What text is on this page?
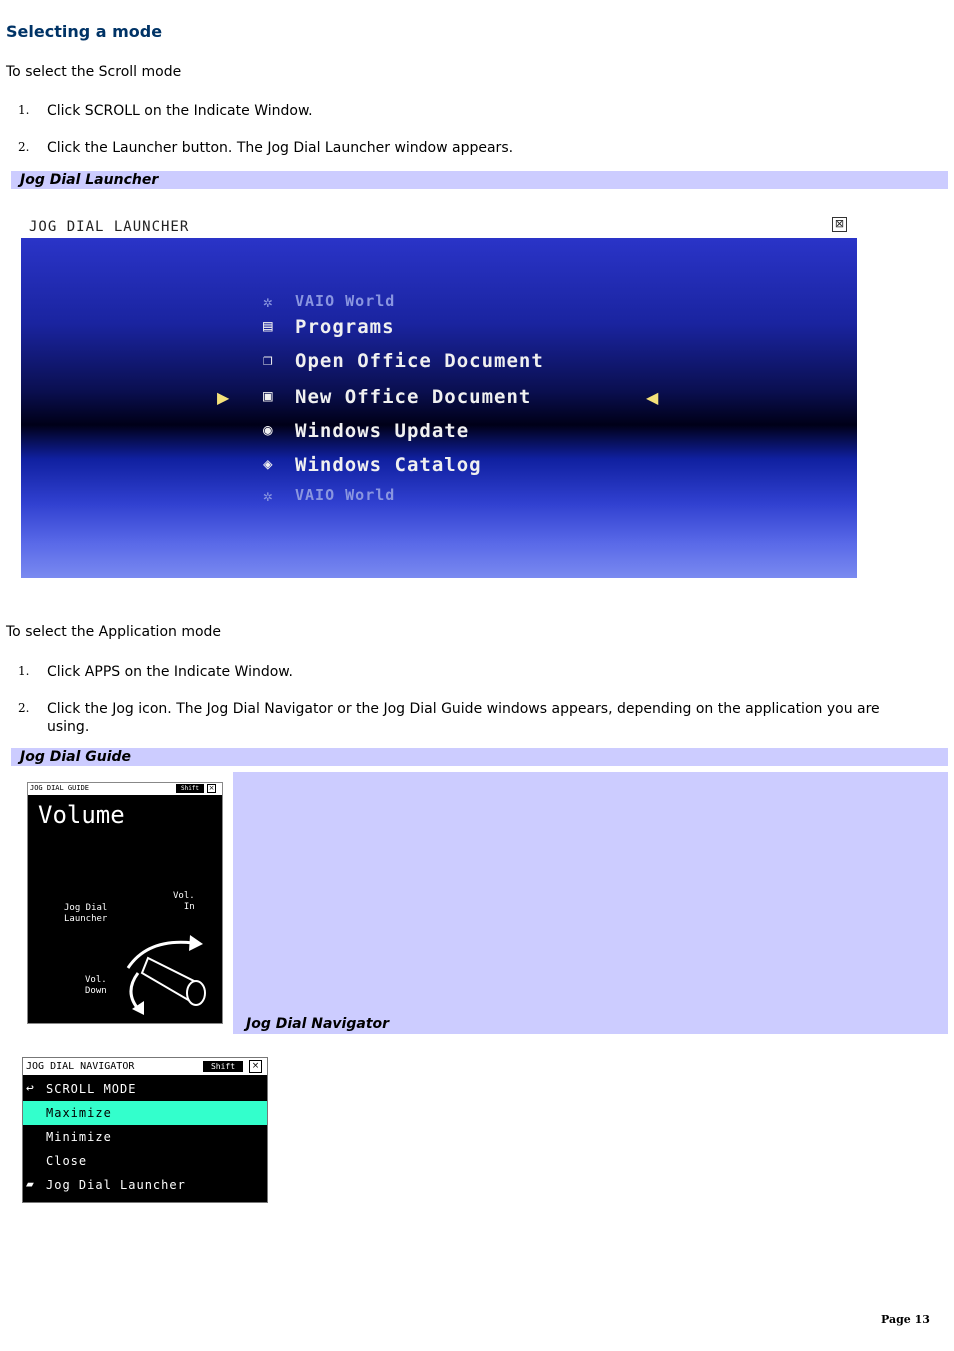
Selecting a mode
To select the Scroll mode
1. Click SCROLL on the Indicate Window.
2. Click the Launcher button. The Jog Dial Launcher window appears.
Jog Dial Launcher
JOG DIAL LAUNCHER	⊠
✲	VAIO World
▤	Programs
❐	Open Office Document
▣	New Office Document
◉	Windows Update
◈	Windows Catalog
✲	VAIO World
▶	◀
To select the Application mode
1. Click APPS on the Indicate Window.
2. Click the Jog icon. The Jog Dial Navigator or the Jog Dial Guide windows appears, depending on the application you are using.
Jog Dial Guide
JOG DIAL GUIDE	Shift	×
Volume
Jog Dial
Launcher
Vol.
In
Vol.
Down
Jog Dial Navigator
JOG DIAL NAVIGATOR	Shift	×
↩ SCROLL MODE
Maximize
Minimize
Close
▰ Jog Dial Launcher
Page 13
